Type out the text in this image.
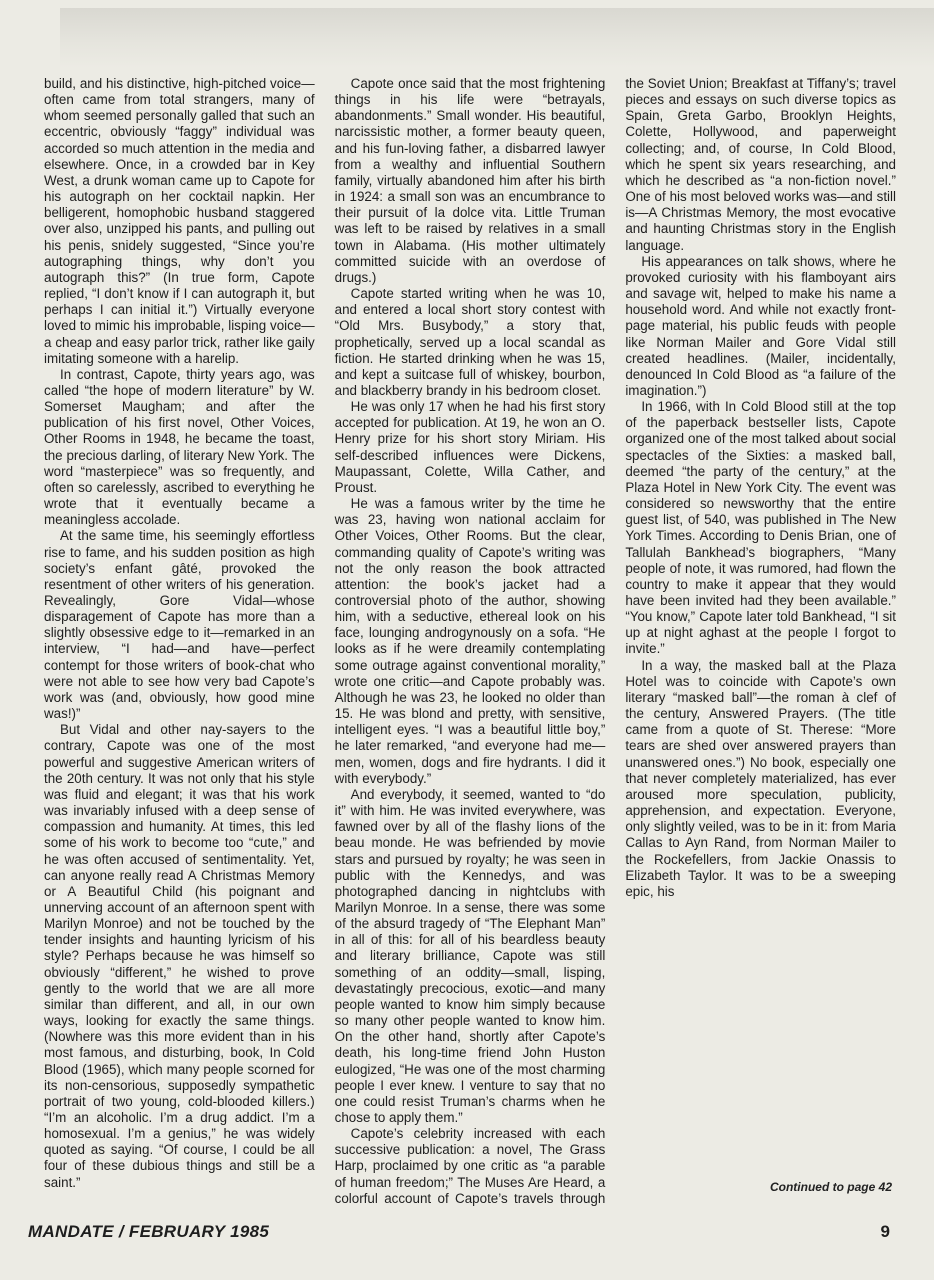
build, and his distinctive, high-pitched voice—often came from total strangers, many of whom seemed personally galled that such an eccentric, obviously “faggy” individual was accorded so much attention in the media and elsewhere. Once, in a crowded bar in Key West, a drunk woman came up to Capote for his autograph on her cocktail napkin. Her belligerent, homophobic husband staggered over also, unzipped his pants, and pulling out his penis, snidely suggested, “Since you’re autographing things, why don’t you autograph this?” (In true form, Capote replied, “I don’t know if I can autograph it, but perhaps I can initial it.”) Virtually everyone loved to mimic his improbable, lisping voice—a cheap and easy parlor trick, rather like gaily imitating someone with a harelip.

In contrast, Capote, thirty years ago, was called “the hope of modern literature” by W. Somerset Maugham; and after the publication of his first novel, Other Voices, Other Rooms in 1948, he became the toast, the precious darling, of literary New York. The word “masterpiece” was so frequently, and often so carelessly, ascribed to everything he wrote that it eventually became a meaningless accolade.

At the same time, his seemingly effortless rise to fame, and his sudden position as high society’s enfant gâté, provoked the resentment of other writers of his generation. Revealingly, Gore Vidal—whose disparagement of Capote has more than a slightly obsessive edge to it—remarked in an interview, “I had—and have—perfect contempt for those writers of book-chat who were not able to see how very bad Capote’s work was (and, obviously, how good mine was!)”

But Vidal and other nay-sayers to the contrary, Capote was one of the most powerful and suggestive American writers of the 20th century. It was not only that his style was fluid and elegant; it was that his work was invariably infused with a deep sense of compassion and humanity. At times, this led some of his work to become too “cute,” and he was often accused of sentimentality. Yet, can anyone really read A Christmas Memory or A Beautiful Child (his poignant and unnerving account of an afternoon spent with Marilyn Monroe) and not be touched by the tender insights and haunting lyricism of his style? Perhaps because he was himself so obviously “different,” he wished to prove gently to the world that we are all more similar than different, and all, in our own ways, looking for exactly the same things. (Nowhere was this more evident than in his most famous, and disturbing, book, In Cold Blood (1965), which many people scorned for its non-censorious, supposedly sympathetic portrait of two young, cold-blooded killers.) “I’m an alcoholic. I’m a drug addict. I’m a homosexual. I’m a genius,” he was widely quoted as saying. “Of course, I could be all four of these dubious things and still be a saint.”

Capote once said that the most frightening things in his life were “betrayals, abandonments.” Small wonder. His beautiful, narcissistic mother, a former beauty queen, and his fun-loving father, a disbarred lawyer from a wealthy and influential Southern family, virtually abandoned him after his birth in 1924: a small son was an encumbrance to their pursuit of la dolce vita. Little Truman was left to be raised by relatives in a small town in Alabama. (His mother ultimately committed suicide with an overdose of drugs.)

Capote started writing when he was 10, and entered a local short story contest with “Old Mrs. Busybody,” a story that, prophetically, served up a local scandal as fiction. He started drinking when he was 15, and kept a suitcase full of whiskey, bourbon, and blackberry brandy in his bedroom closet.

He was only 17 when he had his first story accepted for publication. At 19, he won an O. Henry prize for his short story Miriam. His self-described influences were Dickens, Maupassant, Colette, Willa Cather, and Proust.

He was a famous writer by the time he was 23, having won national acclaim for Other Voices, Other Rooms. But the clear, commanding quality of Capote’s writing was not the only reason the book attracted attention: the book’s jacket had a controversial photo of the author, showing him, with a seductive, ethereal look on his face, lounging androgynously on a sofa. “He looks as if he were dreamily contemplating some outrage against conventional morality,” wrote one critic—and Capote probably was. Although he was 23, he looked no older than 15. He was blond and pretty, with sensitive, intelligent eyes. “I was a beautiful little boy,” he later remarked, “and everyone had me—men, women, dogs and fire hydrants. I did it with everybody.”

And everybody, it seemed, wanted to “do it” with him. He was invited everywhere, was fawned over by all of the flashy lions of the beau monde. He was befriended by movie stars and pursued by royalty; he was seen in public with the Kennedys, and was photographed dancing in nightclubs with Marilyn Monroe. In a sense, there was some of the absurd tragedy of “The Elephant Man” in all of this: for all of his beardless beauty and literary brilliance, Capote was still something of an oddity—small, lisping, devastatingly precocious, exotic—and many people wanted to know him simply because so many other people wanted to know him. On the other hand, shortly after Capote’s death, his long-time friend John Huston eulogized, “He was one of the most charming people I ever knew. I venture to say that no one could resist Truman’s charms when he chose to apply them.”

Capote’s celebrity increased with each successive publication: a novel, The Grass Harp, proclaimed by one critic as “a parable of human freedom;” The Muses Are Heard, a colorful account of Capote’s travels through the Soviet Union; Breakfast at Tiffany’s; travel pieces and essays on such diverse topics as Spain, Greta Garbo, Brooklyn Heights, Colette, Hollywood, and paperweight collecting; and, of course, In Cold Blood, which he spent six years researching, and which he described as “a non-fiction novel.” One of his most beloved works was—and still is—A Christmas Memory, the most evocative and haunting Christmas story in the English language.

His appearances on talk shows, where he provoked curiosity with his flamboyant airs and savage wit, helped to make his name a household word. And while not exactly front-page material, his public feuds with people like Norman Mailer and Gore Vidal still created headlines. (Mailer, incidentally, denounced In Cold Blood as “a failure of the imagination.”)

In 1966, with In Cold Blood still at the top of the paperback bestseller lists, Capote organized one of the most talked about social spectacles of the Sixties: a masked ball, deemed “the party of the century,” at the Plaza Hotel in New York City. The event was considered so newsworthy that the entire guest list, of 540, was published in The New York Times. According to Denis Brian, one of Tallulah Bankhead’s biographers, “Many people of note, it was rumored, had flown the country to make it appear that they would have been invited had they been available.” “You know,” Capote later told Bankhead, “I sit up at night aghast at the people I forgot to invite.”

In a way, the masked ball at the Plaza Hotel was to coincide with Capote’s own literary “masked ball”—the roman à clef of the century, Answered Prayers. (The title came from a quote of St. Therese: “More tears are shed over answered prayers than unanswered ones.”) No book, especially one that never completely materialized, has ever aroused more speculation, publicity, apprehension, and expectation. Everyone, only slightly veiled, was to be in it: from Maria Callas to Ayn Rand, from Norman Mailer to the Rockefellers, from Jackie Onassis to Elizabeth Taylor. It was to be a sweeping epic, his

Continued to page 42
MANDATE / FEBRUARY 1985	9
